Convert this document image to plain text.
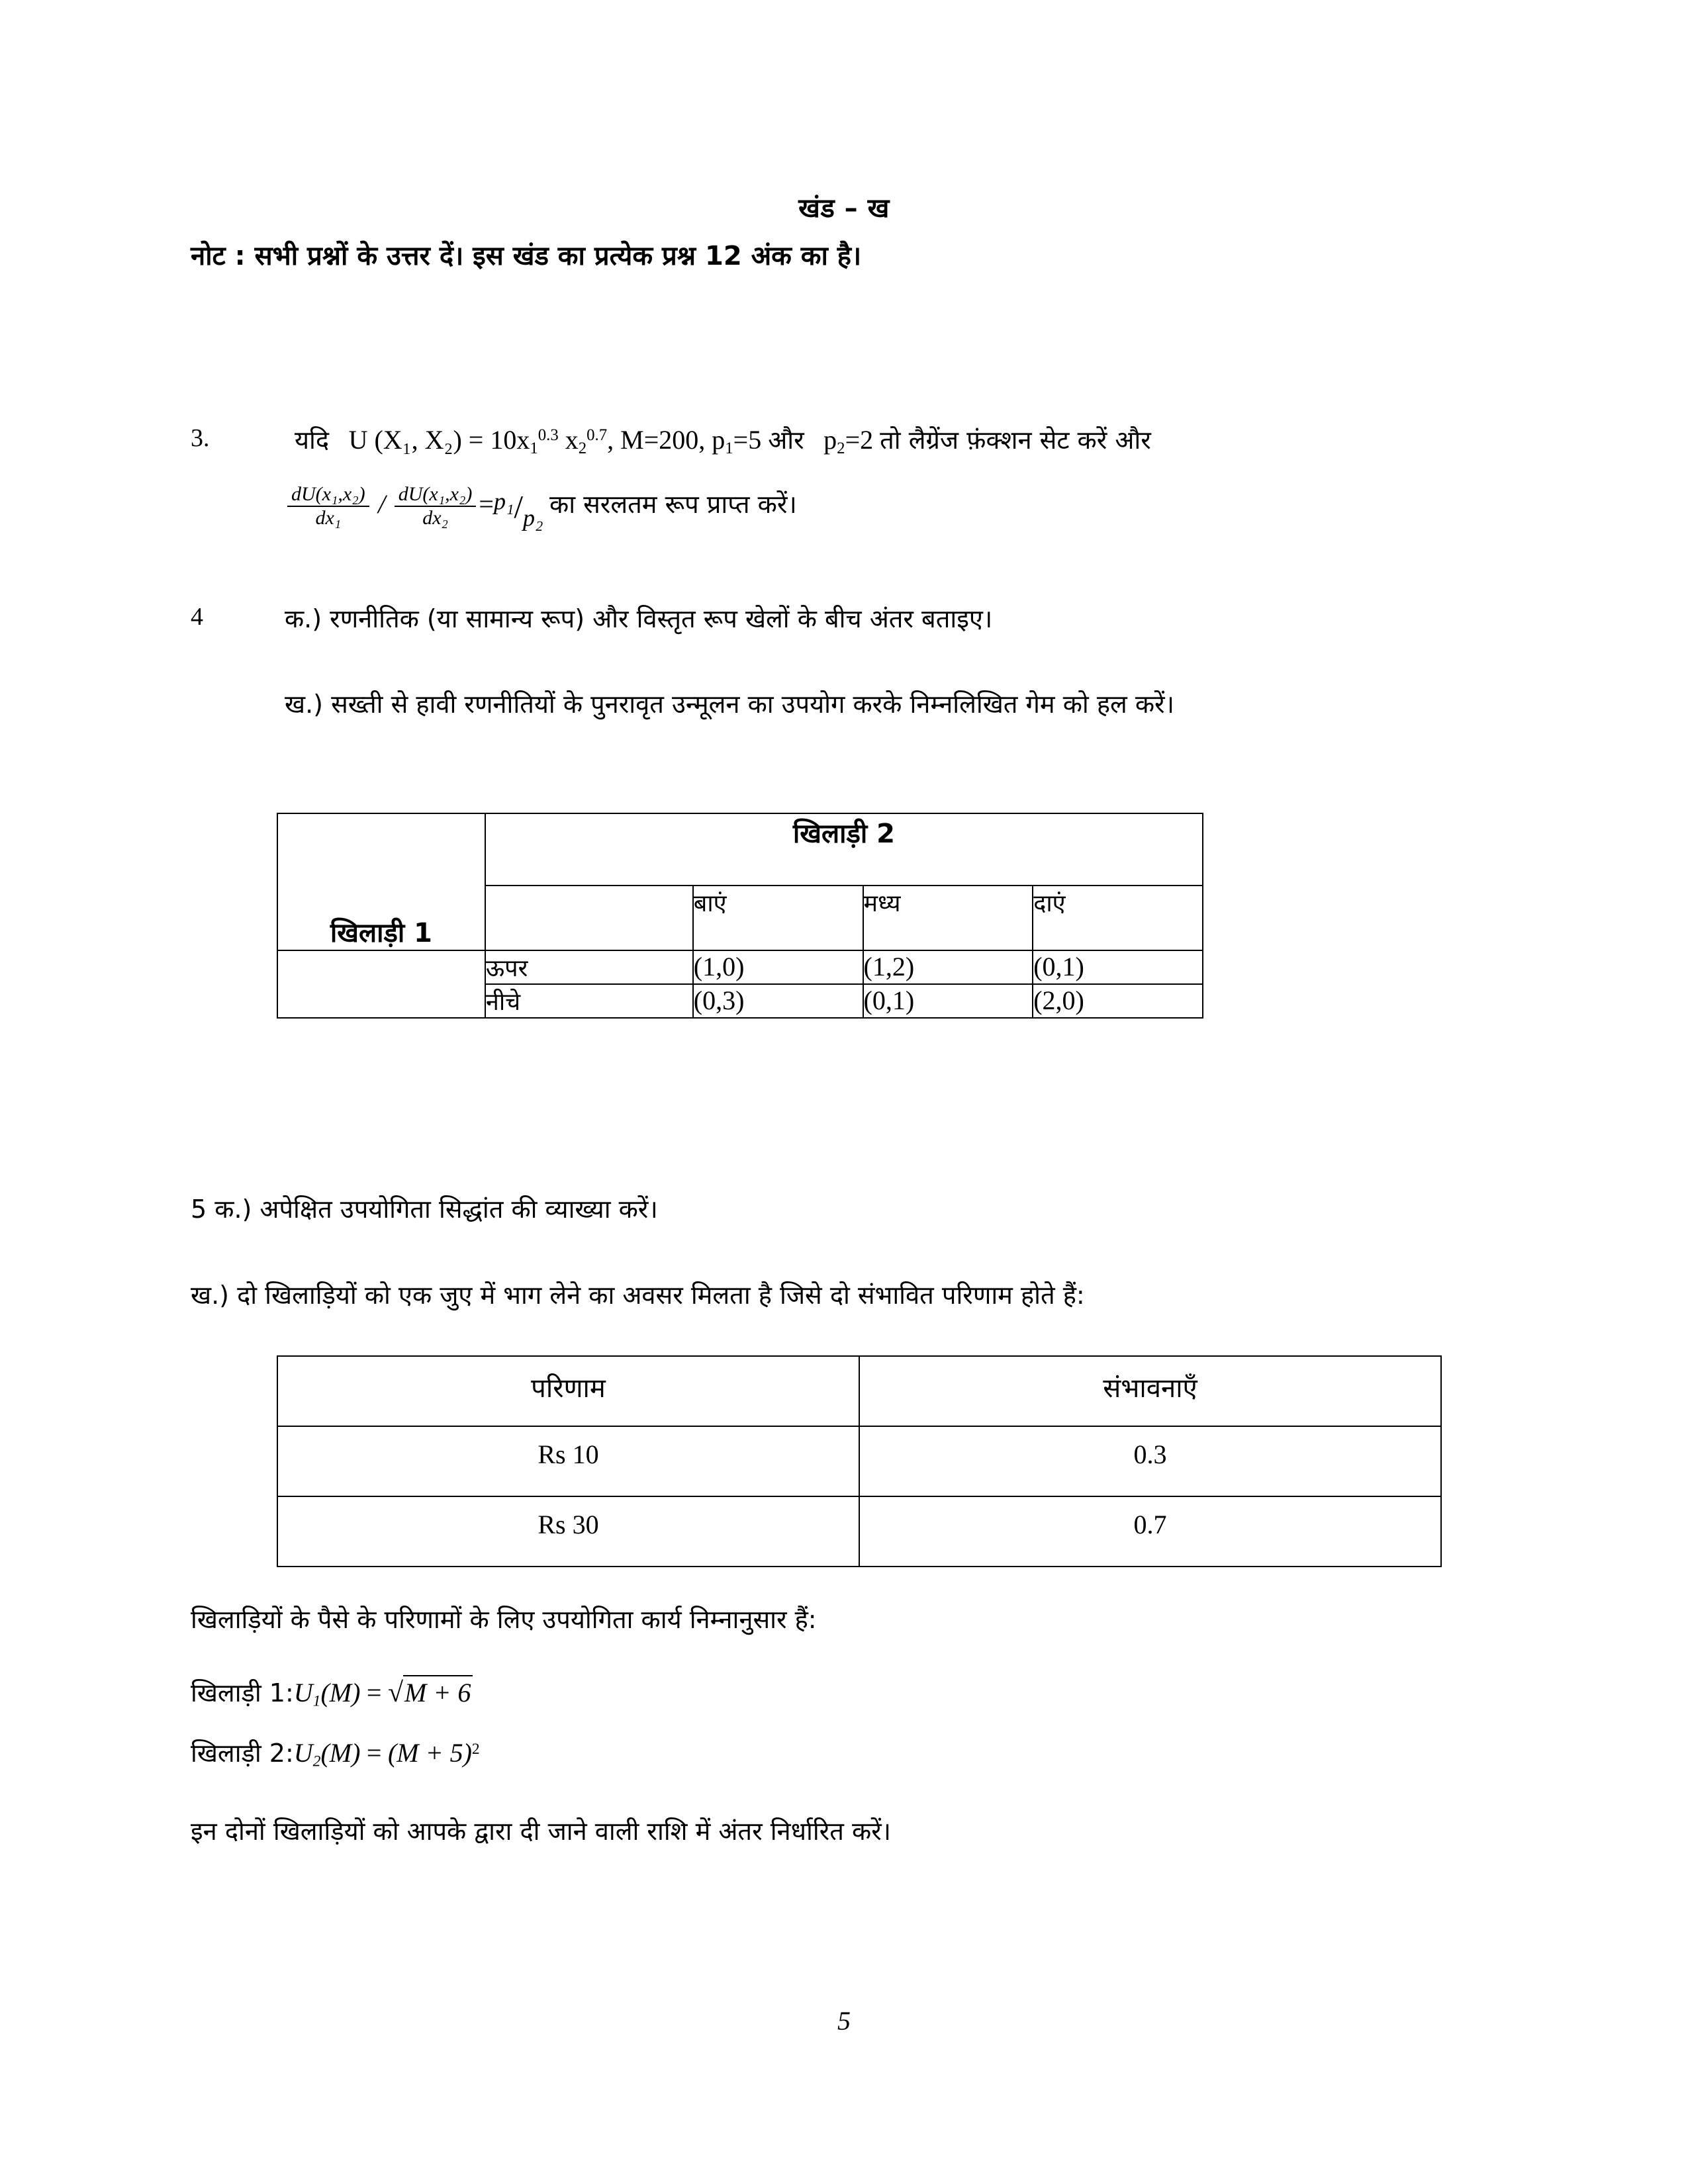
खंड – ख
नोट : सभी प्रश्नों के उत्तर दें। इस खंड का प्रत्येक प्रश्न 12 अंक का है।
3.	यदि U (X₁, $X_2) = 10x_1^{0.3}$ $x_2^{0.7}$, M=200, $p_1=5$ और $p_2=2$ तो लैग्रेंज फ़ंक्शन सेट करें और
$\frac{\text{dU(x₁,x₂)}}{\text{dx₁}} / \frac{\text{dU(x₁,x₂)}}{\text{dx₂}} =p_1/p_2$ का सरलतम रूप प्राप्त करें।
4	क.) रणनीतिक (या सामान्य रूप) और विस्तृत रूप खेलों के बीच अंतर बताइए।
ख.) सख्ती से हावी रणनीतियों के पुनरावृत उन्मूलन का उपयोग करके निम्नलिखित गेम को हल करें।
खिलाड़ी 1	खिलाड़ी 2			
		बाएं	मध्य	दाएं
	ऊपर	(1,0)	(1,2)	(0,1)
	नीचे	(0,3)	(0,1)	(2,0)
5 क.) अपेक्षित उपयोगिता सिद्धांत की व्याख्या करें।
ख.) दो खिलाड़ियों को एक जुए में भाग लेने का अवसर मिलता है जिसे दो संभावित परिणाम होते हैं:
परिणाम	संभावनाएँ
Rs 10	0.3
Rs 30	0.7
खिलाड़ियों के पैसे के परिणामों के लिए उपयोगिता कार्य निम्नानुसार हैं:
खिलाड़ी $1:U_1(M) = √M + 6$
खिलाड़ी $2:U_2(M) = (M + 5)^2$
इन दोनों खिलाड़ियों को आपके द्वारा दी जाने वाली राशि में अंतर निर्धारित करें।
5
